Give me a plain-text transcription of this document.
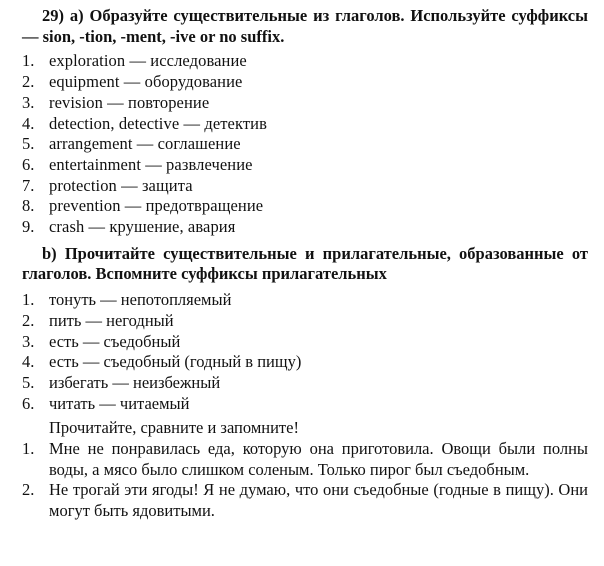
29) a) Образуйте существительные из глаголов. Используйте суффиксы — sion, -tion, -ment, -ive or no suffix.

1. exploration — исследование
2. equipment — оборудование
3. revision — повторение
4. detection, detective — детектив
5. arrangement — соглашение
6. entertainment — развлечение
7. protection — защита
8. prevention — предотвращение
9. crash — крушение, авария

b) Прочитайте существительные и прилагательные, образованные от глаголов. Вспомните суффиксы прилагательных

1. тонуть — непотопляемый
2. пить — негодный
3. есть — съедобный
4. есть — съедобный (годный в пищу)
5. избегать — неизбежный
6. читать — читаемый

Прочитайте, сравните и запомните!

1. Мне не понравилась еда, которую она приготовила. Овощи были полны воды, а мясо было слишком соленым. Только пирог был съедобным.
2. Не трогай эти ягоды! Я не думаю, что они съедобные (годные в пищу). Они могут быть ядовитыми.
